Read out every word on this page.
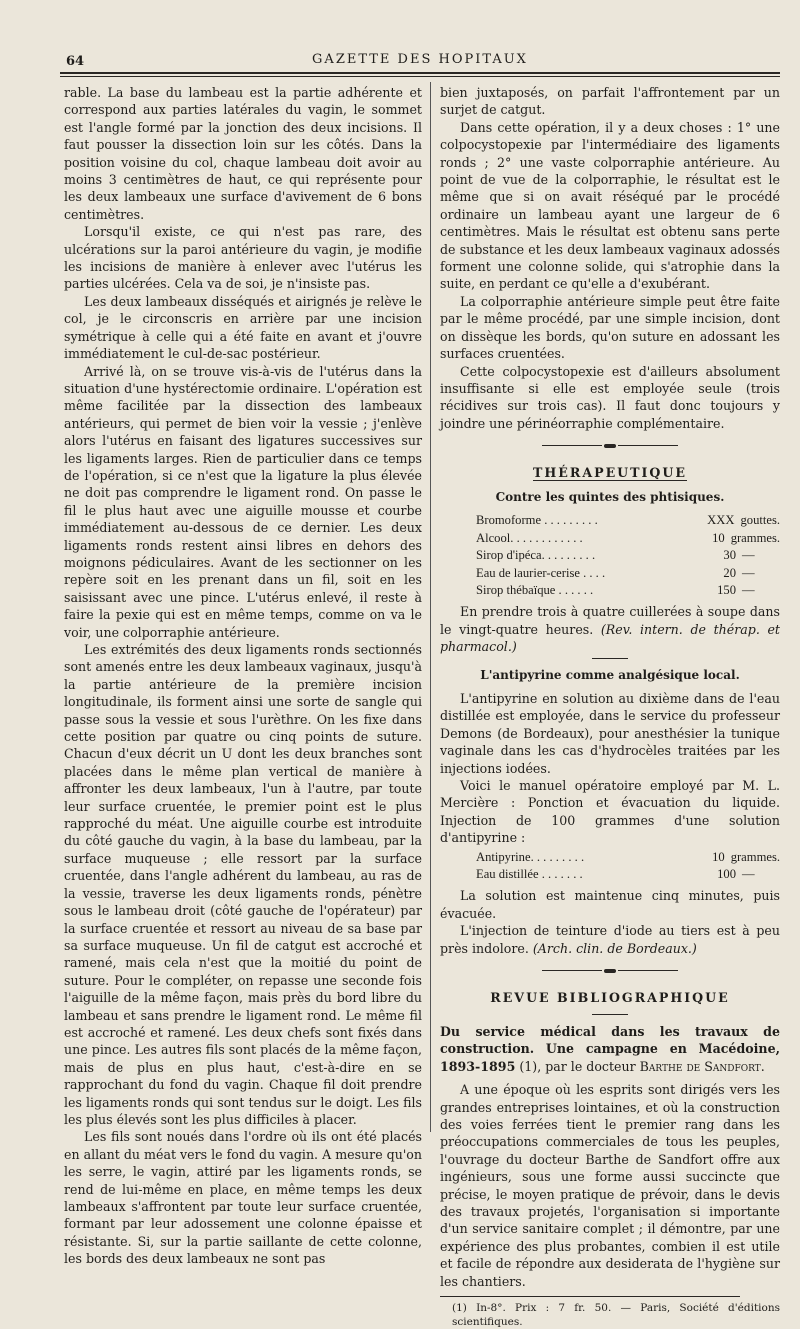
64	GAZETTE DES HOPITAUX

rable. La base du lambeau est la partie adhérente et correspond aux parties latérales du vagin, le sommet est l'angle formé par la jonction des deux incisions. Il faut pousser la dissection loin sur les côtés. Dans la position voisine du col, chaque lambeau doit avoir au moins 3 centimètres de haut, ce qui représente pour les deux lambeaux une surface d'avivement de 6 bons centimètres.

Lorsqu'il existe, ce qui n'est pas rare, des ulcérations sur la paroi antérieure du vagin, je modifie les incisions de manière à enlever avec l'utérus les parties ulcérées. Cela va de soi, je n'insiste pas.

Les deux lambeaux disséqués et airignés je relève le col, je le circonscris en arrière par une incision symétrique à celle qui a été faite en avant et j'ouvre immédiatement le cul-de-sac postérieur.

Arrivé là, on se trouve vis-à-vis de l'utérus dans la situation d'une hystérectomie ordinaire. L'opération est même facilitée par la dissection des lambeaux antérieurs, qui permet de bien voir la vessie ; j'enlève alors l'utérus en faisant des ligatures successives sur les ligaments larges. Rien de particulier dans ce temps de l'opération, si ce n'est que la ligature la plus élevée ne doit pas comprendre le ligament rond. On passe le fil le plus haut avec une aiguille mousse et courbe immédiatement au-dessous de ce dernier. Les deux ligaments ronds restent ainsi libres en dehors des moignons pédiculaires. Avant de les sectionner on les repère soit en les prenant dans un fil, soit en les saisissant avec une pince. L'utérus enlevé, il reste à faire la pexie qui est en même temps, comme on va le voir, une colporraphie antérieure.

Les extrémités des deux ligaments ronds sectionnés sont amenés entre les deux lambeaux vaginaux, jusqu'à la partie antérieure de la première incision longitudinale, ils forment ainsi une sorte de sangle qui passe sous la vessie et sous l'urèthre. On les fixe dans cette position par quatre ou cinq points de suture. Chacun d'eux décrit un U dont les deux branches sont placées dans le même plan vertical de manière à affronter les deux lambeaux, l'un à l'autre, par toute leur surface cruentée, le premier point est le plus rapproché du méat. Une aiguille courbe est introduite du côté gauche du vagin, à la base du lambeau, par la surface muqueuse ; elle ressort par la surface cruentée, dans l'angle adhérent du lambeau, au ras de la vessie, traverse les deux ligaments ronds, pénètre sous le lambeau droit (côté gauche de l'opérateur) par la surface cruentée et ressort au niveau de sa base par sa surface muqueuse. Un fil de catgut est accroché et ramené, mais cela n'est que la moitié du point de suture. Pour le compléter, on repasse une seconde fois l'aiguille de la même façon, mais près du bord libre du lambeau et sans prendre le ligament rond. Le même fil est accroché et ramené. Les deux chefs sont fixés dans une pince. Les autres fils sont placés de la même façon, mais de plus en plus haut, c'est-à-dire en se rapprochant du fond du vagin. Chaque fil doit prendre les ligaments ronds qui sont tendus sur le doigt. Les fils les plus élevés sont les plus difficiles à placer.

Les fils sont noués dans l'ordre où ils ont été placés en allant du méat vers le fond du vagin. A mesure qu'on les serre, le vagin, attiré par les ligaments ronds, se rend de lui-même en place, en même temps les deux lambeaux s'affrontent par toute leur surface cruentée, formant par leur adossement une colonne épaisse et résistante. Si, sur la partie saillante de cette colonne, les bords des deux lambeaux ne sont pas

bien juxtaposés, on parfait l'affrontement par un surjet de catgut.

Dans cette opération, il y a deux choses : 1° une colpocystopexie par l'intermédiaire des ligaments ronds ; 2° une vaste colporraphie antérieure. Au point de vue de la colporraphie, le résultat est le même que si on avait réséqué par le procédé ordinaire un lambeau ayant une largeur de 6 centimètres. Mais le résultat est obtenu sans perte de substance et les deux lambeaux vaginaux adossés forment une colonne solide, qui s'atrophie dans la suite, en perdant ce qu'elle a d'exubérant.

La colporraphie antérieure simple peut être faite par le même procédé, par une simple incision, dont on dissèque les bords, qu'on suture en adossant les surfaces cruentées.

Cette colpocystopexie est d'ailleurs absolument insuffisante si elle est employée seule (trois récidives sur trois cas). Il faut donc toujours y joindre une périnéorraphie complémentaire.

THÉRAPEUTIQUE
Contre les quintes des phtisiques.
Bromoforme . . . . . . . . .	XXX gouttes.
Alcool. . . . . . . . . . . .	10 grammes.
Sirop d'ipéca. . . . . . . . .	30 —
Eau de laurier-cerise . . . .	20 —
Sirop thébaïque . . . . . .	150 —

En prendre trois à quatre cuillerées à soupe dans le vingt-quatre heures. (Rev. intern. de thérap. et pharmacol.)

L'antipyrine comme analgésique local.

L'antipyrine en solution au dixième dans de l'eau distillée est employée, dans le service du professeur Demons (de Bordeaux), pour anesthésier la tunique vaginale dans les cas d'hydrocèles traitées par les injections iodées.

Voici le manuel opératoire employé par M. L. Mercière : Ponction et évacuation du liquide. Injection de 100 grammes d'une solution d'antipyrine :

Antipyrine. . . . . . . . .	10 grammes.
Eau distillée . . . . . . .	100 —

La solution est maintenue cinq minutes, puis évacuée.

L'injection de teinture d'iode au tiers est à peu près indolore. (Arch. clin. de Bordeaux.)

REVUE BIBLIOGRAPHIQUE

Du service médical dans les travaux de construction. Une campagne en Macédoine, 1893-1895 (1), par le docteur Barthe de Sandfort.

A une époque où les esprits sont dirigés vers les grandes entreprises lointaines, et où la construction des voies ferrées tient le premier rang dans les préoccupations commerciales de tous les peuples, l'ouvrage du docteur Barthe de Sandfort offre aux ingénieurs, sous une forme aussi succincte que précise, le moyen pratique de prévoir, dans le devis des travaux projetés, l'organisation si importante d'un service sanitaire complet ; il démontre, par une expérience des plus probantes, combien il est utile et facile de répondre aux desiderata de l'hygiène sur les chantiers.

(1) In-8°. Prix : 7 fr. 50. — Paris, Société d'éditions scientifiques.
